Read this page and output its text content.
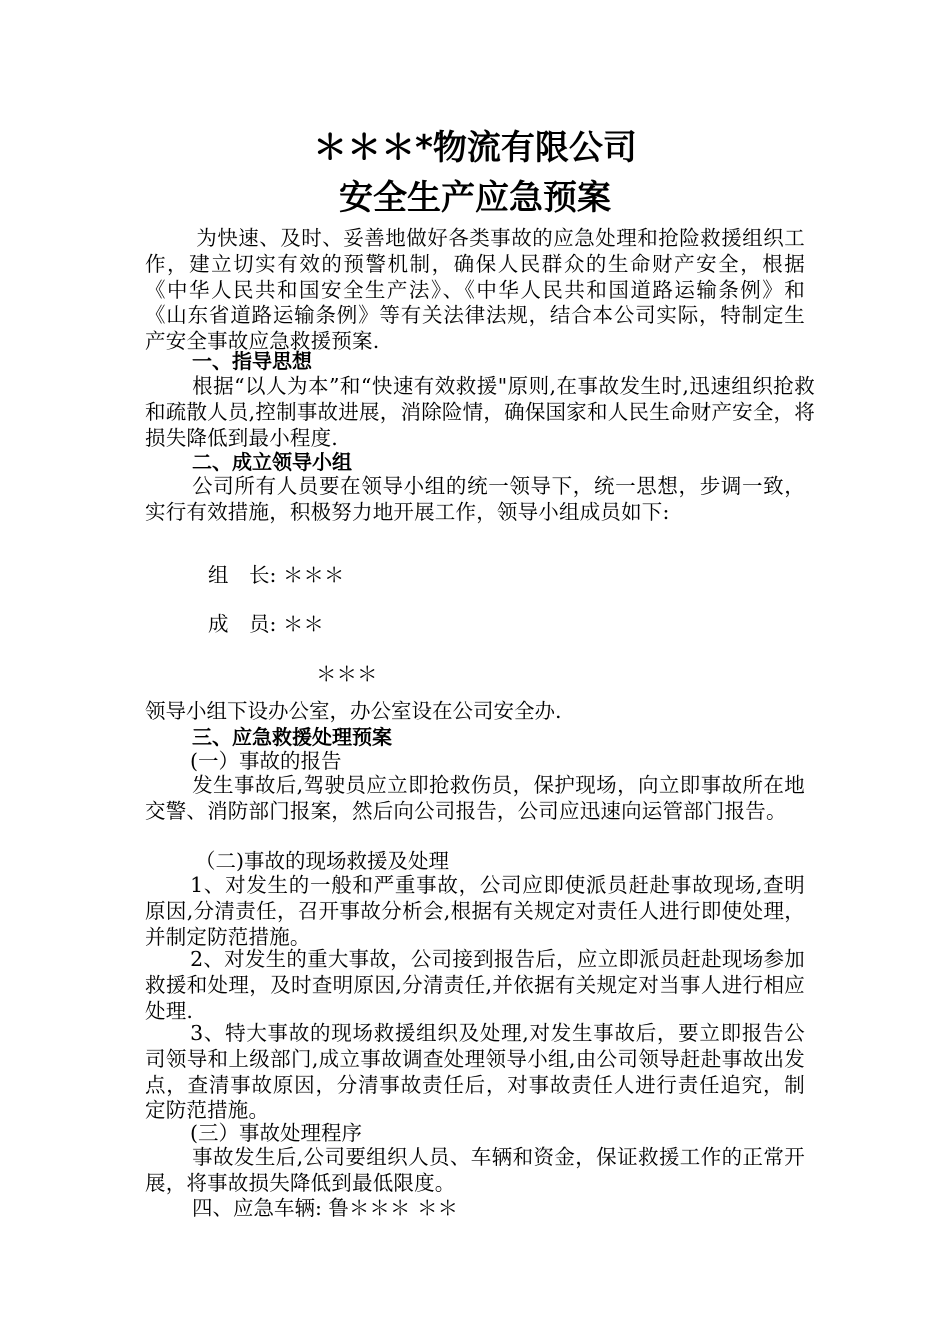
＊＊＊*物流有限公司
安全生产应急预案

为快速、及时、妥善地做好各类事故的应急处理和抢险救援组织工作，建立切实有效的预警机制，确保人民群众的生命财产安全，根据《中华人民共和国安全生产法》、《中华人民共和国道路运输条例》和《山东省道路运输条例》等有关法律法规，结合本公司实际，特制定生产安全事故应急救援预案.

一、指导思想

根据“以人为本”和“快速有效救援"原则,在事故发生时,迅速组织抢救和疏散人员,控制事故进展，消除险情，确保国家和人民生命财产安全，将损失降低到最小程度.

二、成立领导小组

公司所有人员要在领导小组的统一领导下，统一思想，步调一致，实行有效措施，积极努力地开展工作，领导小组成员如下:

组　长: ＊＊＊

成　员: ＊＊

＊＊＊

领导小组下设办公室，办公室设在公司安全办.

三、应急救援处理预案

(一）事故的报告

发生事故后,驾驶员应立即抢救伤员，保护现场，向立即事故所在地交警、消防部门报案，然后向公司报告，公司应迅速向运管部门报告。

（二)事故的现场救援及处理

1、对发生的一般和严重事故，公司应即使派员赶赴事故现场,查明原因,分清责任，召开事故分析会,根据有关规定对责任人进行即使处理，并制定防范措施。

2、对发生的重大事故，公司接到报告后，应立即派员赶赴现场参加救援和处理，及时查明原因,分清责任,并依据有关规定对当事人进行相应处理.

3、特大事故的现场救援组织及处理,对发生事故后，要立即报告公司领导和上级部门,成立事故调查处理领导小组,由公司领导赶赴事故出发点，查清事故原因，分清事故责任后，对事故责任人进行责任追究，制定防范措施。

(三）事故处理程序

事故发生后,公司要组织人员、车辆和资金，保证救援工作的正常开展，将事故损失降低到最低限度。

四、应急车辆: 鲁＊＊＊ ＊＊
